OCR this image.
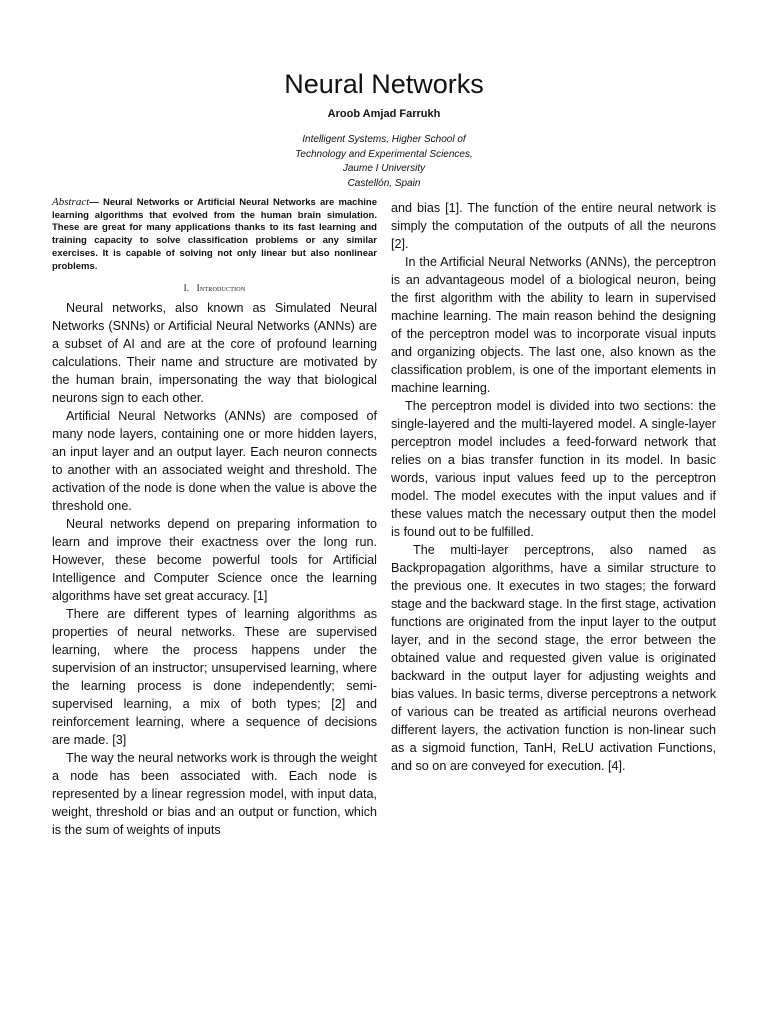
Neural Networks
Aroob Amjad Farrukh
Intelligent Systems, Higher School of
Technology and Experimental Sciences,
Jaume I University
Castellón, Spain

Abstract— Neural Networks or Artificial Neural Networks are machine learning algorithms that evolved from the human brain simulation. These are great for many applications thanks to its fast learning and training capacity to solve classification problems or any similar exercises. It is capable of solving not only linear but also nonlinear problems.

I. Introduction

Neural networks, also known as Simulated Neural Networks (SNNs) or Artificial Neural Networks (ANNs) are a subset of AI and are at the core of profound learning calculations. Their name and structure are motivated by the human brain, impersonating the way that biological neurons sign to each other.

Artificial Neural Networks (ANNs) are composed of many node layers, containing one or more hidden layers, an input layer and an output layer. Each neuron connects to another with an associated weight and threshold. The activation of the node is done when the value is above the threshold one.

Neural networks depend on preparing information to learn and improve their exactness over the long run. However, these become powerful tools for Artificial Intelligence and Computer Science once the learning algorithms have set great accuracy. [1]

There are different types of learning algorithms as properties of neural networks. These are supervised learning, where the process happens under the supervision of an instructor; unsupervised learning, where the learning process is done independently; semi-supervised learning, a mix of both types; [2] and reinforcement learning, where a sequence of decisions are made. [3]

The way the neural networks work is through the weight a node has been associated with. Each node is represented by a linear regression model, with input data, weight, threshold or bias and an output or function, which is the sum of weights of inputs

and bias [1]. The function of the entire neural network is simply the computation of the outputs of all the neurons [2].

In the Artificial Neural Networks (ANNs), the perceptron is an advantageous model of a biological neuron, being the first algorithm with the ability to learn in supervised machine learning. The main reason behind the designing of the perceptron model was to incorporate visual inputs and organizing objects. The last one, also known as the classification problem, is one of the important elements in machine learning.

The perceptron model is divided into two sections: the single-layered and the multi-layered model. A single-layer perceptron model includes a feed-forward network that relies on a bias transfer function in its model. In basic words, various input values feed up to the perceptron model. The model executes with the input values and if these values match the necessary output then the model is found out to be fulfilled.

The multi-layer perceptrons, also named as Backpropagation algorithms, have a similar structure to the previous one. It executes in two stages; the forward stage and the backward stage. In the first stage, activation functions are originated from the input layer to the output layer, and in the second stage, the error between the obtained value and requested given value is originated backward in the output layer for adjusting weights and bias values. In basic terms, diverse perceptrons a network of various can be treated as artificial neurons overhead different layers, the activation function is non-linear such as a sigmoid function, TanH, ReLU activation Functions, and so on are conveyed for execution. [4].
